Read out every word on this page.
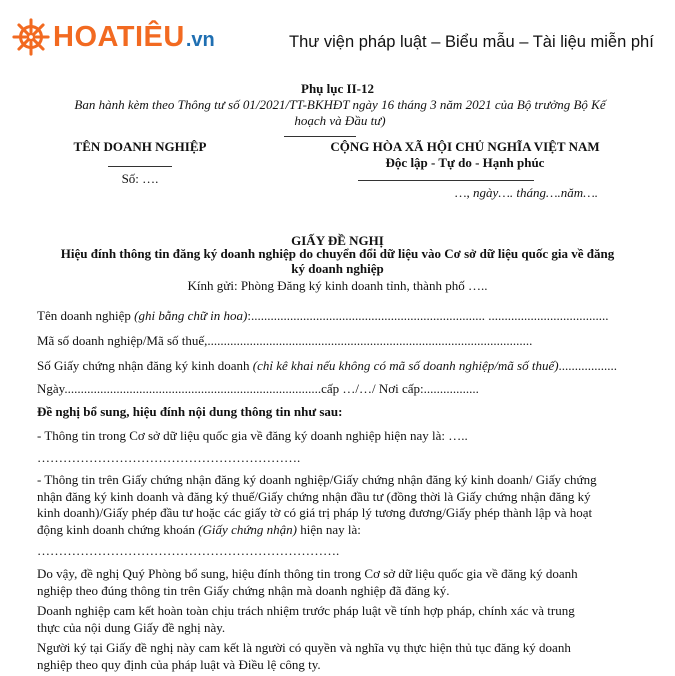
HOATIÊU .vn	Thư viện pháp luật – Biểu mẫu – Tài liệu miễn phí
Phụ lục II-12
Ban hành kèm theo Thông tư số 01/2021/TT-BKHĐT ngày 16 tháng 3 năm 2021 của Bộ trưởng Bộ Kế
hoạch và Đầu tư)
TÊN DOANH NGHIỆP
Số: ….
CỘNG HÒA XÃ HỘI CHỦ NGHĨA VIỆT NAM
Độc lập - Tự do - Hạnh phúc
…, ngày…. tháng….năm….
GIẤY ĐỀ NGHỊ
Hiệu đính thông tin đăng ký doanh nghiệp do chuyển đổi dữ liệu vào Cơ sở dữ liệu quốc gia về đăng
ký doanh nghiệp
Kính gửi: Phòng Đăng ký kinh doanh tỉnh, thành phố …..
Tên doanh nghiệp (ghi bằng chữ in hoa):........................................................................ .....................................
Mã số doanh nghiệp/Mã số thuế,....................................................................................................
Số Giấy chứng nhận đăng ký kinh doanh (chỉ kê khai nếu không có mã số doanh nghiệp/mã số thuế)..................
Ngày...............................................................................cấp …/…/ Nơi cấp:.................
Đề nghị bổ sung, hiệu đính nội dung thông tin như sau:
- Thông tin trong Cơ sở dữ liệu quốc gia về đăng ký doanh nghiệp hiện nay là: …..
…………………………………………………….
- Thông tin trên Giấy chứng nhận đăng ký doanh nghiệp/Giấy chứng nhận đăng ký kinh doanh/ Giấy chứng
nhận đăng ký kinh doanh và đăng ký thuế/Giấy chứng nhận đầu tư (đồng thời là Giấy chứng nhận đăng ký
kinh doanh)/Giấy phép đầu tư hoặc các giấy tờ có giá trị pháp lý tương đương/Giấy phép thành lập và hoạt
động kinh doanh chứng khoán (Giấy chứng nhận) hiện nay là:
…………………………………………………………….
Do vậy, đề nghị Quý Phòng bổ sung, hiệu đính thông tin trong Cơ sở dữ liệu quốc gia về đăng ký doanh
nghiệp theo đúng thông tin trên Giấy chứng nhận mà doanh nghiệp đã đăng ký.
Doanh nghiệp cam kết hoàn toàn chịu trách nhiệm trước pháp luật về tính hợp pháp, chính xác và trung
thực của nội dung Giấy đề nghị này.
Người ký tại Giấy đề nghị này cam kết là người có quyền và nghĩa vụ thực hiện thủ tục đăng ký doanh
nghiệp theo quy định của pháp luật và Điều lệ công ty.
